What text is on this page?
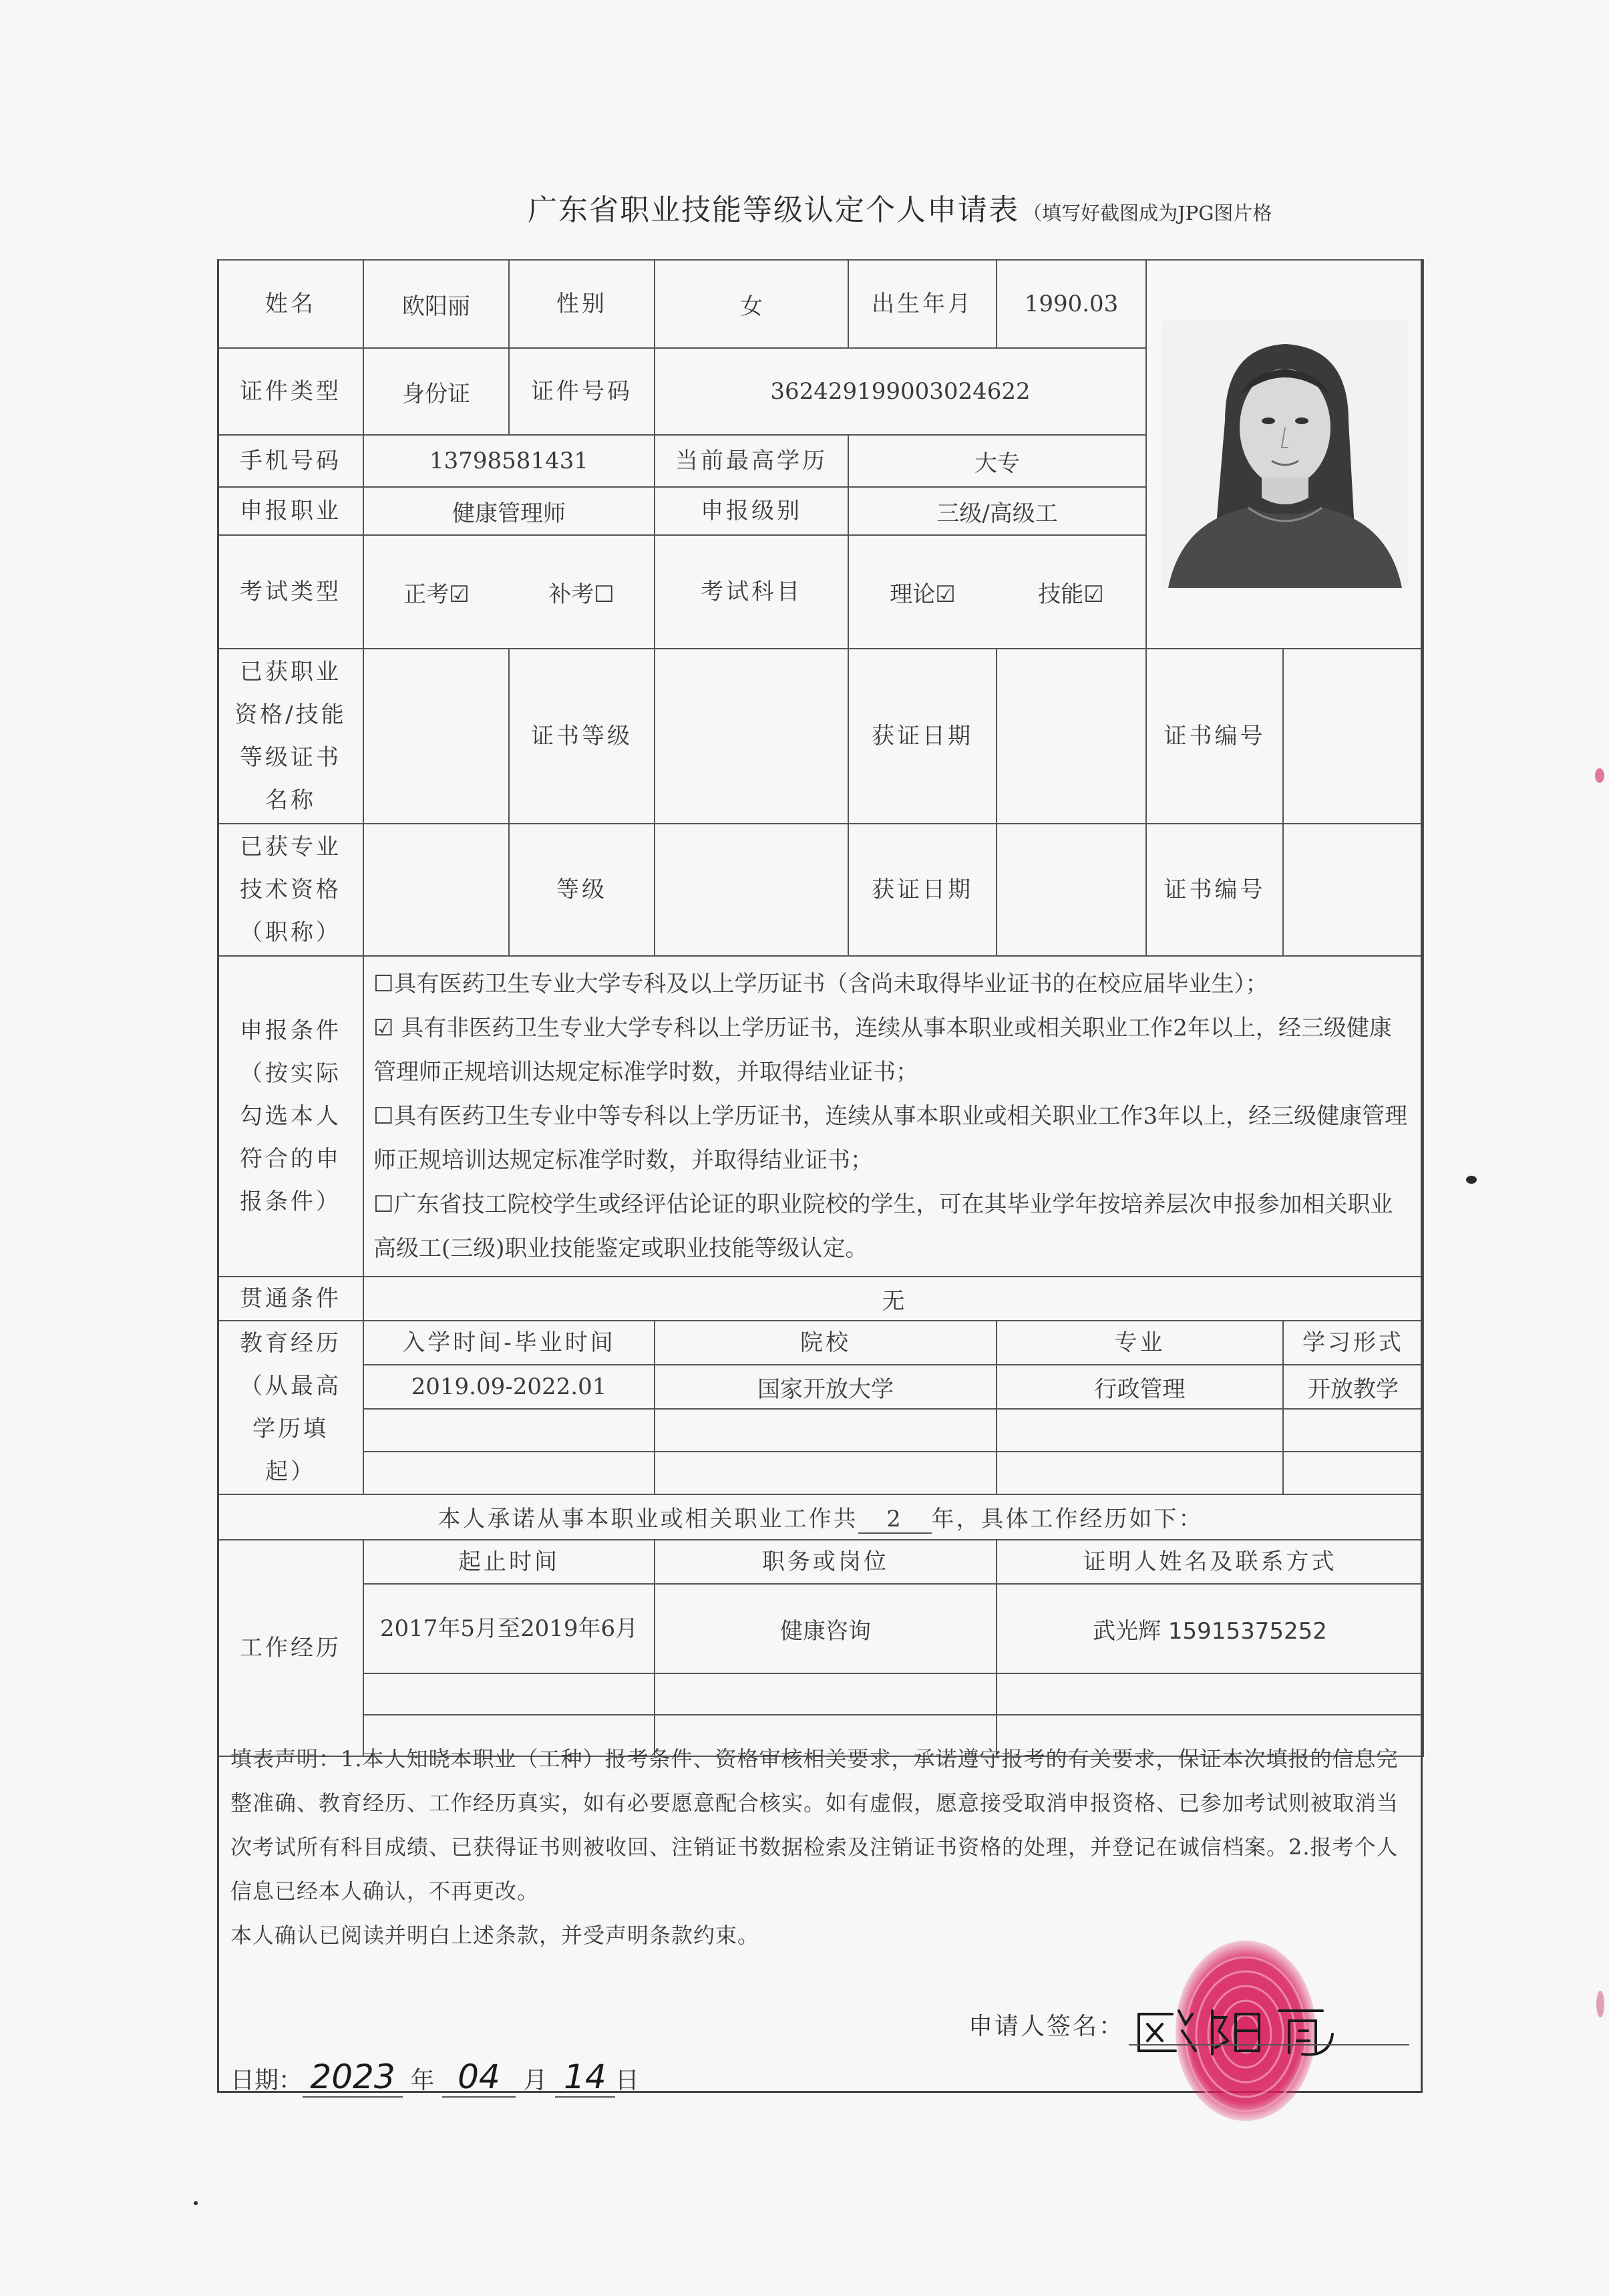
广东省职业技能等级认定个人申请表 （填写好截图成为JPG图片格
姓名	欧阳丽	性别	女	出生年月	1990.03	

证件类型	身份证	证件号码	362429199003024622				
手机号码	13798581431		当前最高学历	大专			
申报职业	健康管理师		申报级别	三级/高级工			
考试类型	正考☑	补考☐	考试科目	理论☑	技能☑		
已获职业资格/技能等级证书名称		证书等级		获证日期		证书编号	
已获专业技术资格（职称）		等级		获证日期		证书编号	
申报条件（按实际勾选本人符合的申报条件）	☐具有医药卫生专业大学专科及以上学历证书（含尚未取得毕业证书的在校应届毕业生）；
☑ 具有非医药卫生专业大学专科以上学历证书，连续从事本职业或相关职业工作2年以上，经三级健康管理师正规培训达规定标准学时数，并取得结业证书；
☐具有医药卫生专业中等专科以上学历证书，连续从事本职业或相关职业工作3年以上，经三级健康管理师正规培训达规定标准学时数，并取得结业证书；
☐广东省技工院校学生或经评估论证的职业院校的学生，可在其毕业学年按培养层次申报参加相关职业高级工(三级)职业技能鉴定或职业技能等级认定。						

贯通条件	无						
教育经历（从最高学历填起）	入学时间-毕业时间		院校		专业		学习形式
	2019.09-2022.01		国家开放大学		行政管理		开放教学

本人承诺从事本职业或相关职业工作共 2 年，具体工作经历如下：							
工作经历	起止时间		职务或岗位		证明人姓名及联系方式		
	2017年5月至2019年6月		健康咨询		武光辉 15915375252		

填表声明：1.本人知晓本职业（工种）报考条件、资格审核相关要求，承诺遵守报考的有关要求，保证本次填报的信息完整准确、教育经历、工作经历真实，如有必要愿意配合核实。如有虚假，愿意接受取消申报资格、已参加考试则被取消当次考试所有科目成绩、已获得证书则被收回、注销证书数据检索及注销证书资格的处理，并登记在诚信档案。2.报考个人信息已经本人确认，不再更改。
本人确认已阅读并明白上述条款，并受声明条款约束。
申请人签名：
日期： 2023 年 04 月 14 日
